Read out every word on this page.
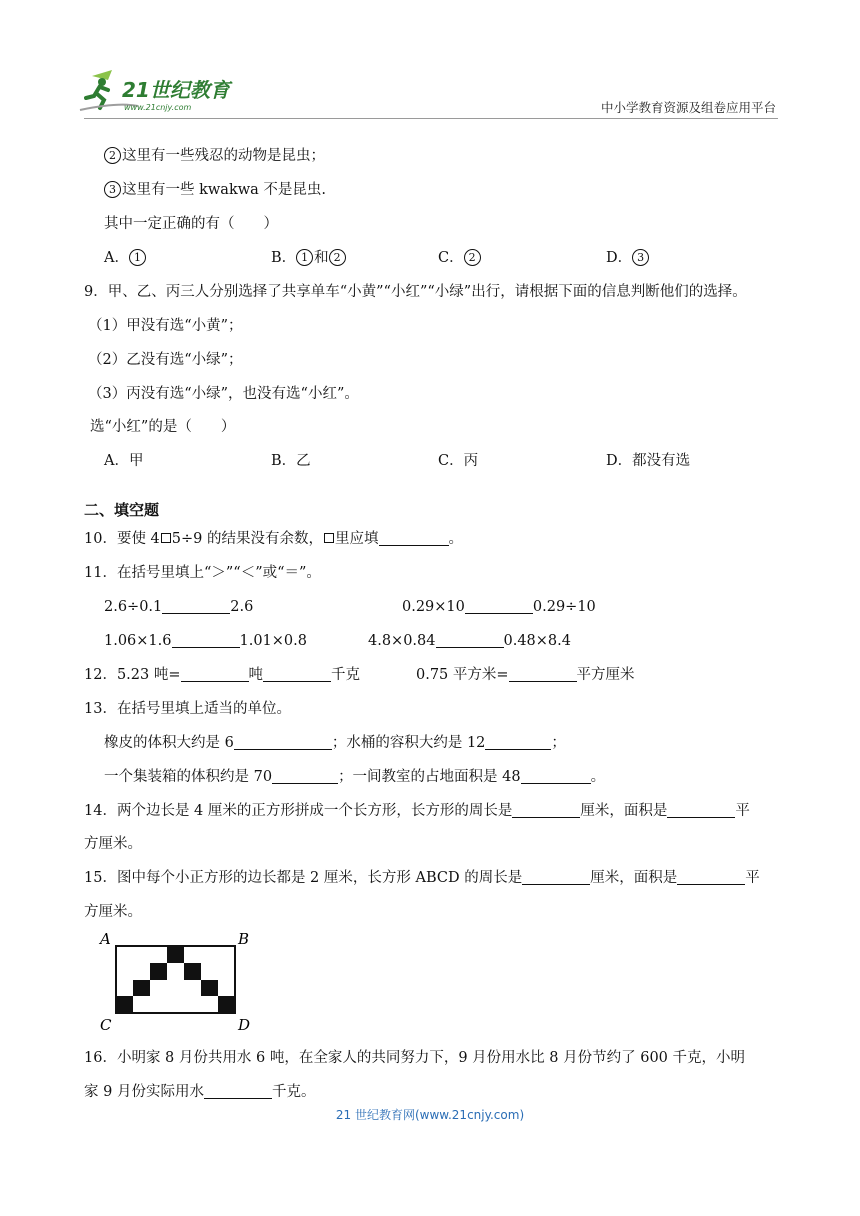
21世纪教育
www.21cnjy.com	中小学教育资源及组卷应用平台
2 这里有一些残忍的动物是昆虫；
3 这里有一些 kwakwa 不是昆虫.
其中一定正确的有（　　）
A． 1	B． 1 和 2	C． 2	D． 3
9．甲、乙、丙三人分别选择了共享单车“小黄”“小红”“小绿”出行，请根据下面的信息判断他们的选择。
（1）甲没有选“小黄”；
（2）乙没有选“小绿”；
（3）丙没有选“小绿”，也没有选“小红”。
选“小红”的是（　　）
A．甲	B．乙	C．丙	D．都没有选
二、填空题
10．要使 4 5÷9 的结果没有余数， 里应填	。
11．在括号里填上“＞”“＜”或“＝”。
2.6÷0.1	2.6	0.29×10	0.29÷10
1.06×1.6	1.01×0.8	4.8×0.84	0.48×8.4
12．5.23 吨=	吨	千克	0.75 平方米=	平方厘米
13．在括号里填上适当的单位。
橡皮的体积大约是 6	；水桶的容积大约是 12	；
一个集装箱的体积约是 70	；一间教室的占地面积是 48	。
14．两个边长是 4 厘米的正方形拼成一个长方形，长方形的周长是	厘米，面积是	平
方厘米。
15．图中每个小正方形的边长都是 2 厘米，长方形 ABCD 的周长是	厘米，面积是	平
方厘米。
A	B
C	D
16．小明家 8 月份共用水 6 吨，在全家人的共同努力下，9 月份用水比 8 月份节约了 600 千克，小明
家 9 月份实际用水	千克。
21 世纪教育网(www.21cnjy.com)
